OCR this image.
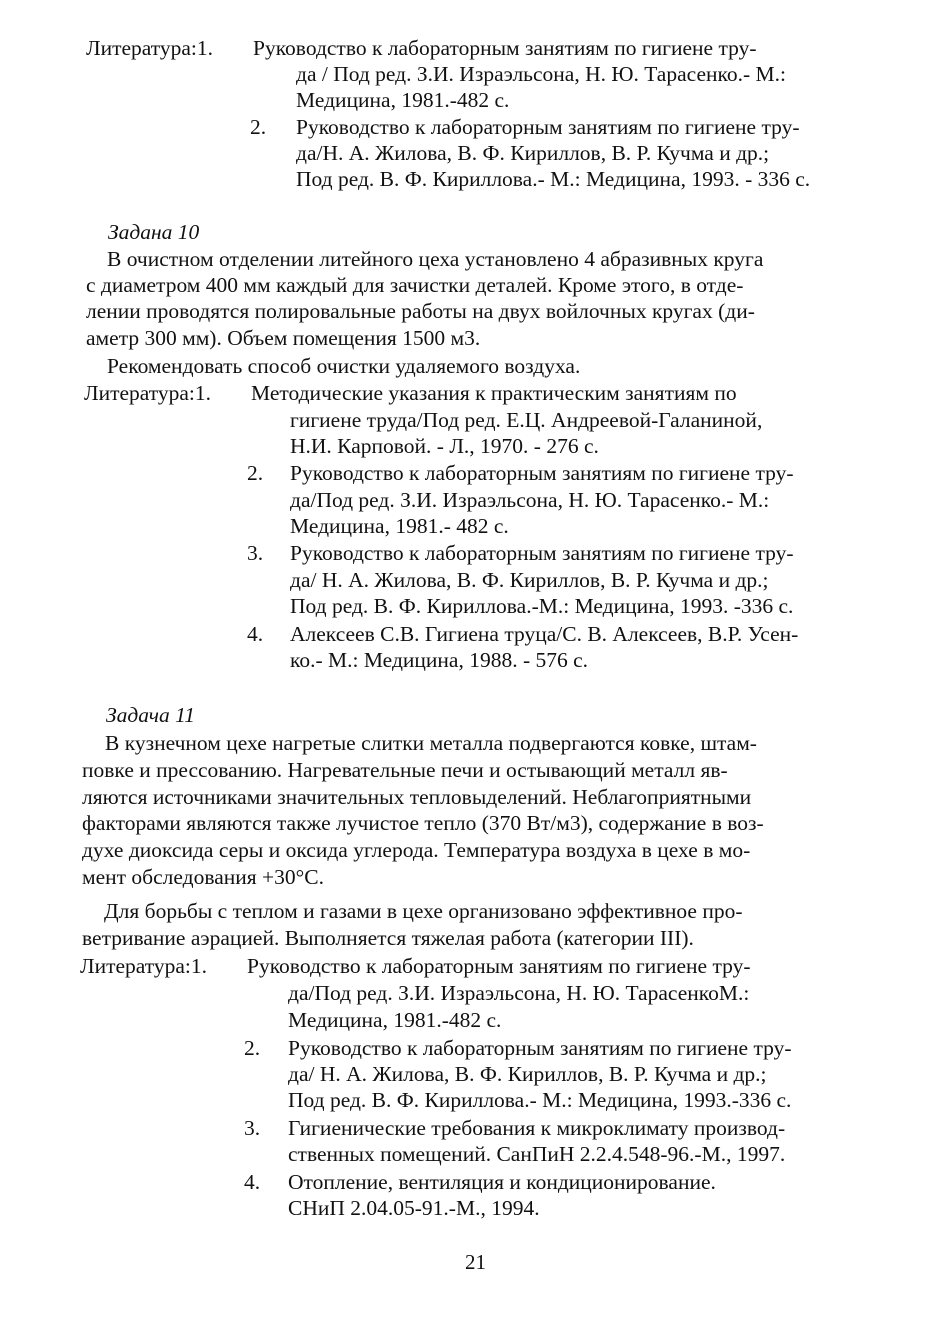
Литература:1. Руководство к лабораторным занятиям по гигиене тру-
да / Под ред. З.И. Израэльсона, Н. Ю. Тарасенко.- М.:
Медицина, 1981.-482 с.
2. Руководство к лабораторным занятиям по гигиене тру-
да/Н. А. Жилова, В. Ф. Кириллов, В. Р. Кучма и др.;
Под ред. В. Ф. Кириллова.- М.: Медицина, 1993. - 336 с.
Задана 10
В очистном отделении литейного цеха установлено 4 абразивных круга
с диаметром 400 мм каждый для зачистки деталей. Кроме этого, в отде-
лении проводятся полировальные работы на двух войлочных кругах (ди-
аметр 300 мм). Объем помещения 1500 м3.
Рекомендовать способ очистки удаляемого воздуха.
Литература:1. Методические указания к практическим занятиям по
гигиене труда/Под ред. Е.Ц. Андреевой-Галаниной,
Н.И. Карповой. - Л., 1970. - 276 с.
2. Руководство к лабораторным занятиям по гигиене тру-
да/Под ред. З.И. Израэльсона, Н. Ю. Тарасенко.- М.:
Медицина, 1981.- 482 с.
3. Руководство к лабораторным занятиям по гигиене тру-
да/ Н. А. Жилова, В. Ф. Кириллов, В. Р. Кучма и др.;
Под ред. В. Ф. Кириллова.-М.: Медицина, 1993. -336 с.
4. Алексеев С.В. Гигиена труца/С. В. Алексеев, В.Р. Усен-
ко.- М.: Медицина, 1988. - 576 с.
Задача 11
В кузнечном цехе нагретые слитки металла подвергаются ковке, штам-
повке и прессованию. Нагревательные печи и остывающий металл яв-
ляются источниками значительных тепловыделений. Неблагоприятными
факторами являются также лучистое тепло (370 Вт/м3), содержание в воз-
духе диоксида серы и оксида углерода. Температура воздуха в цехе в мо-
мент обследования +30°С.
Для борьбы с теплом и газами в цехе организовано эффективное про-
ветривание аэрацией. Выполняется тяжелая работа (категории III).
Литература:1. Руководство к лабораторным занятиям по гигиене тру-
да/Под ред. З.И. Израэльсона, Н. Ю. ТарасенкоМ.:
Медицина, 1981.-482 с.
2. Руководство к лабораторным занятиям по гигиене тру-
да/ Н. А. Жилова, В. Ф. Кириллов, В. Р. Кучма и др.;
Под ред. В. Ф. Кириллова.- М.: Медицина, 1993.-336 с.
3. Гигиенические требования к микроклимату производ-
ственных помещений. СанПиН 2.2.4.548-96.-М., 1997.
4. Отопление, вентиляция и кондиционирование.
СНиП 2.04.05-91.-М., 1994.
21
